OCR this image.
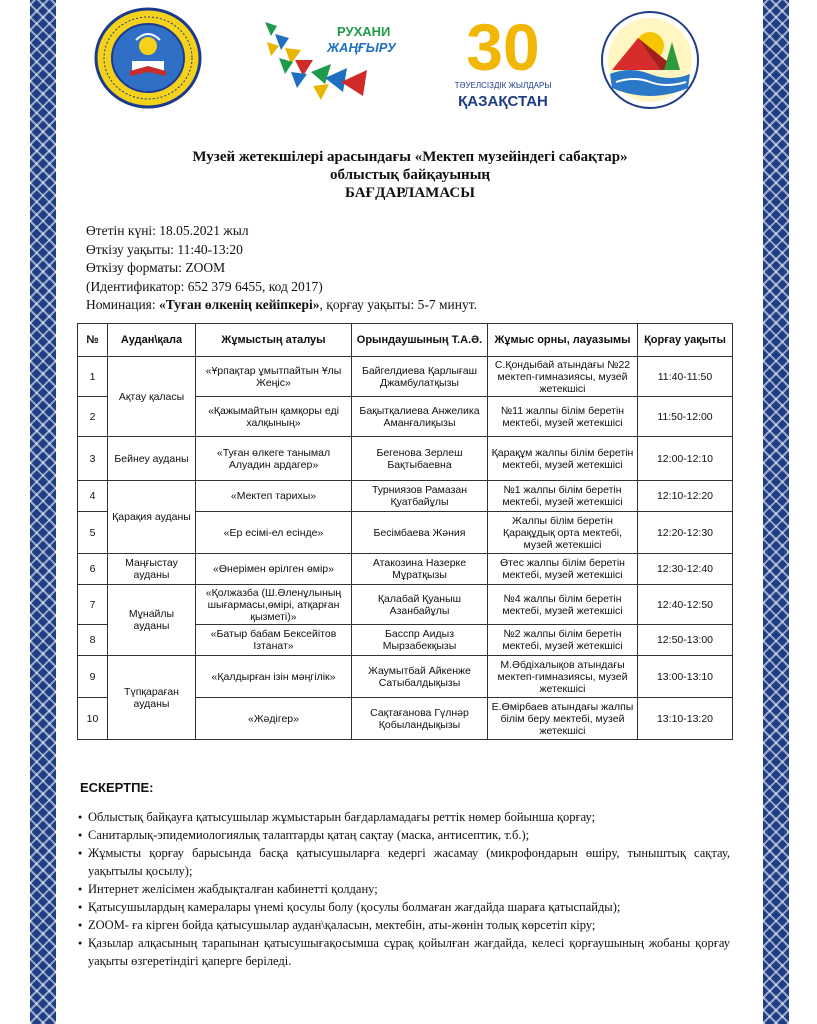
РУХАНИ
ЖАҢҒЫРУ 30
ТӘУЕЛСІЗДІК ЖЫЛДАРЫ
ҚАЗАҚСТАН
Музей жетекшілері арасындағы «Мектеп музейіндегі сабақтар»
облыстық байқауының
БАҒДАРЛАМАСЫ
Өтетін күні: 18.05.2021 жыл
Өткізу уақыты: 11:40-13:20
Өткізу форматы: ZOOM
(Идентификатор: 652 379 6455, код 2017)
Номинация: «Туған өлкенің кейіпкері», қорғау уақыты: 5-7 минут.
№	Аудан\қала	Жұмыстың аталуы	Орындаушының Т.А.Ә.	Жұмыс орны, лауазымы	Қорғау уақыты
1	Ақтау қаласы	«Ұрпақтар ұмытпайтын Ұлы Жеңіс»	Байгелдиева Қарлығаш Джамбулатқызы	С.Қондыбай атындағы №22 мектеп-гимназиясы, музей жетекшісі	11:40-11:50
2		«Қажымайтын қамқоры еді халқының»	Бақытқалиева Анжелика Аманғалиқызы	№11 жалпы білім беретін мектебі, музей жетекшісі	11:50-12:00
3	Бейнеу ауданы	«Туған өлкеге танымал Алуадин ардагер»	Бегенова Зерлеш Бақтыбаевна	Қарақұм жалпы білім беретін мектебі, музей жетекшісі	12:00-12:10
4	Қарақия ауданы	«Мектеп тарихы»	Турниязов Рамазан Қуатбайұлы	№1 жалпы білім беретін мектебі, музей жетекшісі	12:10-12:20
5		«Ер есімі-ел есінде»	Бесімбаева Жәния	Жалпы білім беретін Қарақұдық орта мектебі, музей жетекшісі	12:20-12:30
6	Маңғыстау ауданы	«Өнерімен өрілген өмір»	Атакозина Назерке Мұратқызы	Өтес жалпы білім беретін мектебі, музей жетекшісі	12:30-12:40
7	Мұнайлы ауданы	«Қолжазба (Ш.Әленұлының шығармасы,өмірі, атқарған қызметі)»	Қалабай Қуаныш Азанбайұлы	№4 жалпы білім беретін мектебі, музей жетекшісі	12:40-12:50
8		«Батыр бабам Бексейітов Ізтанат»	Басспр Аидыз Мырзабекқызы	№2 жалпы білім беретін мектебі, музей жетекшісі	12:50-13:00
9	Түпқараған ауданы	«Қалдырған ізін мәңгілік»	Жаумытбай Айкенже Сатыбалдықызы	М.Әбдіхалықов атындағы мектеп-гимназиясы, музей жетекшісі	13:00-13:10
10		«Жәдігер»	Сақтағанова Гүлнәр Қобыландықызы	Е.Өмірбаев атындағы жалпы білім беру мектебі, музей жетекшісі	13:10-13:20
ЕСКЕРТПЕ:
● Облыстық байқауға қатысушылар жұмыстарын бағдарламадағы реттік нөмер бойынша қорғау;
● Санитарлық-эпидемиологиялық талаптарды қатаң сақтау (маска, антисептик, т.б.);
● Жұмысты қорғау барысында басқа қатысушыларға кедергі жасамау (микрофондарын өшіру, тыныштық сақтау, уақытылы қосылу);
● Интернет желісімен жабдықталған кабинетті қолдану;
● Қатысушылардың камералары үнемі қосулы болу (қосулы болмаған жағдайда шараға қатыспайды);
● ZOOM- ға кірген бойда қатысушылар аудан\қаласын, мектебін, аты-жөнін толық көрсетіп кіру;
● Қазылар алқасының тарапынан қатысушығақосымша сұрақ қойылған жағдайда, келесі қорғаушының жобаны қорғау уақыты өзгеретіндігі қаперге беріледі.
